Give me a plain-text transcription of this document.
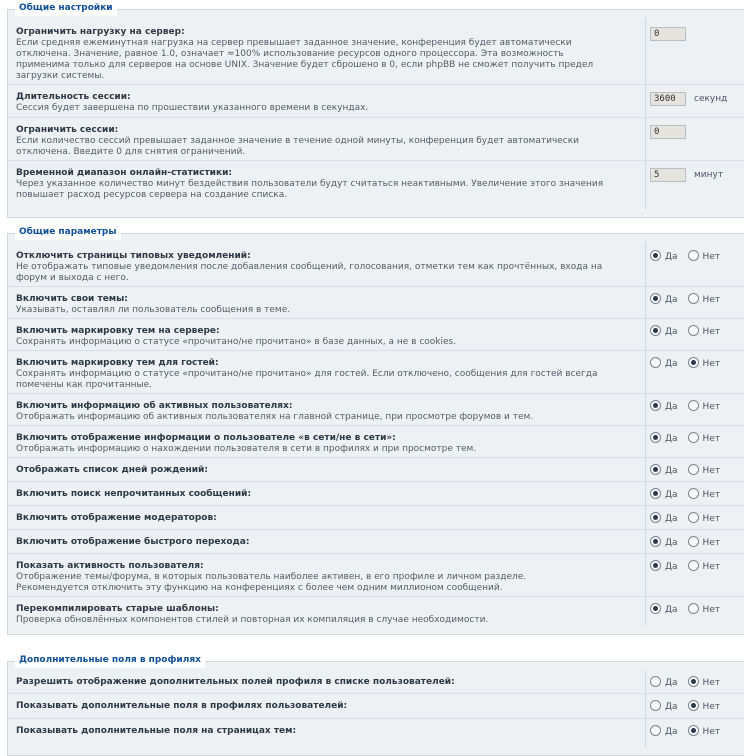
Общие настройки
Ограничить нагрузку на сервер:
Если средняя ежеминутная нагрузка на сервер превышает заданное значение, конференция будет автоматически
отключена. Значение, равное 1.0, означает ≈100% использование ресурсов одного процессора. Эта возможность
применима только для серверов на основе UNIX. Значение будет сброшено в 0, если phpBB не сможет получить предел
загрузки системы.
0
Длительность сессии:
Сессия будет завершена по прошествии указанного времени в секундах.
3600 секунд
Ограничить сессии:
Если количество сессий превышает заданное значение в течение одной минуты, конференция будет автоматически
отключена. Введите 0 для снятия ограничений.
0
Временной диапазон онлайн-статистики:
Через указанное количество минут бездействия пользователи будут считаться неактивными. Увеличение этого значения
повышает расход ресурсов сервера на создание списка.
5	минут
Общие параметры
Отключить страницы типовых уведомлений:
Не отображать типовые уведомления после добавления сообщений, голосования, отметки тем как прочтённых, входа на
форум и выхода с него.
Да	Нет
Включить свои темы:
Указывать, оставлял ли пользователь сообщения в теме.
Да	Нет
Включить маркировку тем на сервере:
Сохранять информацию о статусе «прочитано/не прочитано» в базе данных, а не в cookies.
Да	Нет
Включить маркировку тем для гостей:
Сохранять информацию о статусе «прочитано/не прочитано» для гостей. Если отключено, сообщения для гостей всегда
помечены как прочитанные.
Да	Нет
Включить информацию об активных пользователях:
Отображать информацию об активных пользователях на главной странице, при просмотре форумов и тем.
Да	Нет
Включить отображение информации о пользователе «в сети/не в сети»:
Отображать информацию о нахождении пользователя в сети в профилях и при просмотре тем.
Да	Нет
Отображать список дней рождений:	Да	Нет
Включить поиск непрочитанных сообщений:	Да	Нет
Включить отображение модераторов:	Да	Нет
Включить отображение быстрого перехода:	Да	Нет
Показать активность пользователя:
Отображение темы/форума, в которых пользователь наиболее активен, в его профиле и личном разделе.
Рекомендуется отключить эту функцию на конференциях с более чем одним миллионом сообщений.
Да	Нет
Перекомпилировать старые шаблоны:
Проверка обновлённых компонентов стилей и повторная их компиляция в случае необходимости.
Да	Нет
Дополнительные поля в профилях
Разрешить отображение дополнительных полей профиля в списке пользователей:	Да	Нет
Показывать дополнительные поля в профилях пользователей:	Да	Нет
Показывать дополнительные поля на страницах тем:	Да	Нет
